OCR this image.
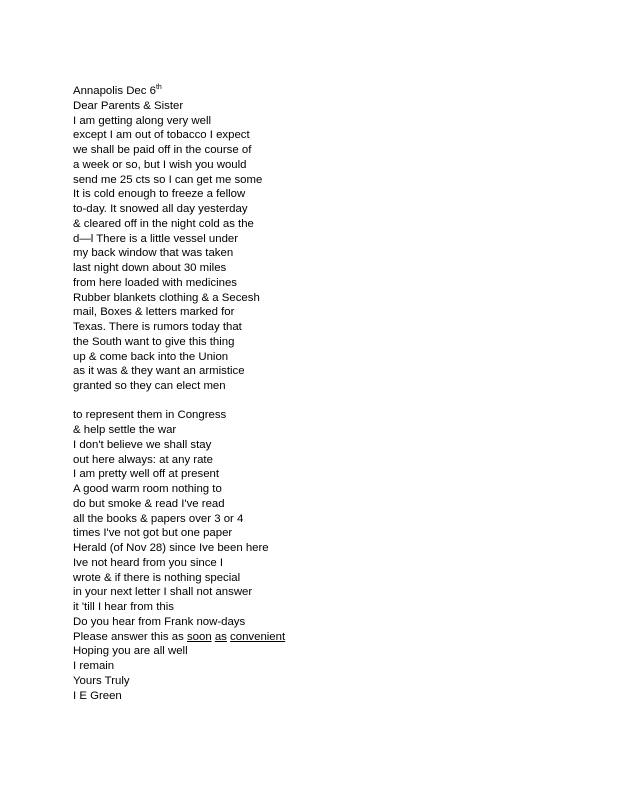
Annapolis Dec 6th
Dear Parents & Sister
I am getting along very well
except I am out of tobacco I expect
we shall be paid off in the course of
a week or so, but I wish you would
send me 25 cts so I can get me some
It is cold enough to freeze a fellow
to-day. It snowed all day yesterday
& cleared off in the night cold as the
d—l There is a little vessel under
my back window that was taken
last night down about 30 miles
from here loaded with medicines
Rubber blankets clothing & a Secesh
mail, Boxes & letters marked for
Texas. There is rumors today that
the South want to give this thing
up & come back into the Union
as it was & they want an armistice
granted so they can elect men
to represent them in Congress
& help settle the war
I don't believe we shall stay
out here always: at any rate
I am pretty well off at present
A good warm room nothing to
do but smoke & read I've read
all the books & papers over 3 or 4
times I've not got but one paper
Herald (of Nov 28) since Ive been here
Ive not heard from you since I
wrote & if there is nothing special
in your next letter I shall not answer
it 'till I hear from this
Do you hear from Frank now-days
Please answer this as soon as convenient
Hoping you are all well
I remain
Yours Truly
I E Green
